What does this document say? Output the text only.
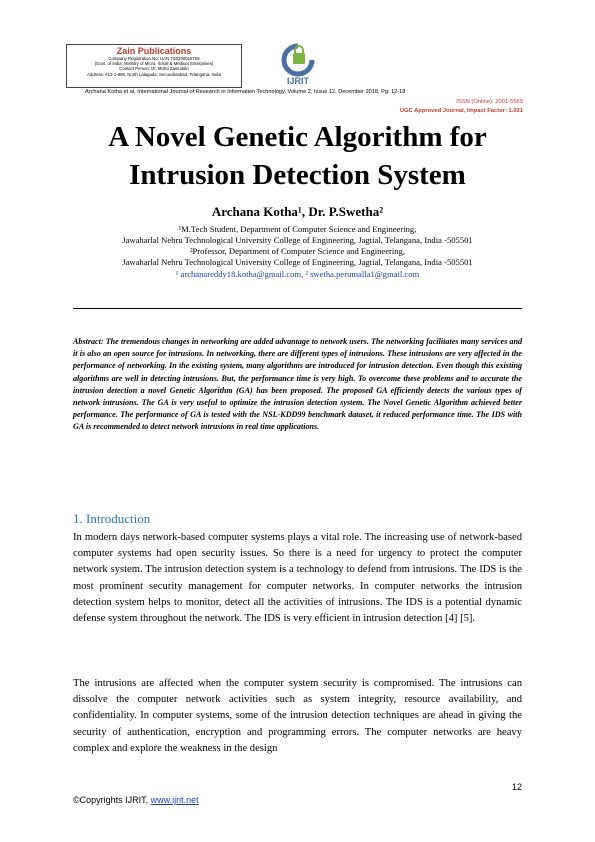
Zain Publications
Company Registration No: UAN TS0200015729
(Govt. of India, Ministry of Micro, Small & Medium Enterprises)
Contact Person: Dr. Mohd Zainuddin
Address: #12-1-898, North Lalaguda, Secunderabad, Telangana, India
IJRIT
Archana Kotha et al, International Journal of Research in Information Technology, Volume 2, Issue 12, December 2018, Pg: 12-18
ISSN (Online): 2001-5569
UGC Approved Journal, Impact Factor: 1.021
A Novel Genetic Algorithm for
Intrusion Detection System
Archana Kotha¹, Dr. P.Swetha²
¹M.Tech Student, Department of Computer Science and Engineering,
Jawaharlal Nehru Technological University College of Engineering, Jagtial, Telangana, India -505501
²Professor, Department of Computer Science and Engineering,
Jawaharlal Nehru Technological University College of Engineering, Jagtial, Telangana, India -505501
¹ archanareddy18.kotha@gmail.com, ² swetha.perumalla1@gmail.com
Abstract: The tremendous changes in networking are added advantage to network users. The networking facilitates many services and it is also an open source for intrusions. In networking, there are different types of intrusions. These intrusions are very affected in the performance of networking. In the existing system, many algorithms are introduced for intrusion detection. Even though this existing algorithms are well in detecting intrusions. But, the performance time is very high. To overcome these problems and to accurate the intrusion detection a novel Genetic Algorithm (GA) has been proposed. The proposed GA efficiently detects the various types of network intrusions. The GA is very useful to optimize the intrusion detection system. The Novel Genetic Algorithm achieved better performance. The performance of GA is tested with the NSL-KDD99 benchmark dataset, it reduced performance time. The IDS with GA is recommended to detect network intrusions in real time applications.
1. Introduction
In modern days network-based computer systems plays a vital role. The increasing use of network-based computer systems had open security issues. So there is a need for urgency to protect the computer network system. The intrusion detection system is a technology to defend from intrusions. The IDS is the most prominent security management for computer networks. In computer networks the intrusion detection system helps to monitor, detect all the activities of intrusions. The IDS is a potential dynamic defense system throughout the network. The IDS is very efficient in intrusion detection [4] [5].
The intrusions are affected when the computer system security is compromised. The intrusions can dissolve the computer network activities such as system integrity, resource availability, and confidentiality. In computer systems, some of the intrusion detection techniques are ahead in giving the security of authentication, encryption and programming errors. The computer networks are heavy complex and explore the weakness in the design
12
©Copyrights IJRIT, www.ijrit.net
